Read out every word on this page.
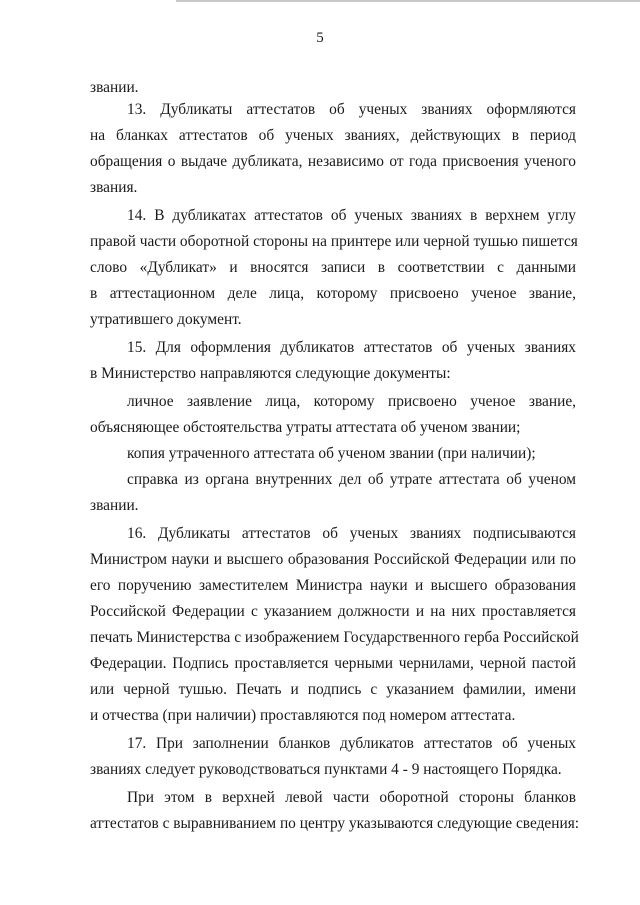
5
звании.
13. Дубликаты аттестатов об ученых званиях оформляются
на бланках аттестатов об ученых званиях, действующих в период
обращения о выдаче дубликата, независимо от года присвоения ученого
звания.
14. В дубликатах аттестатов об ученых званиях в верхнем углу
правой части оборотной стороны на принтере или черной тушью пишется
слово «Дубликат» и вносятся записи в соответствии с данными
в аттестационном деле лица, которому присвоено ученое звание,
утратившего документ.
15. Для оформления дубликатов аттестатов об ученых званиях
в Министерство направляются следующие документы:
личное заявление лица, которому присвоено ученое звание,
объясняющее обстоятельства утраты аттестата об ученом звании;
копия утраченного аттестата об ученом звании (при наличии);
справка из органа внутренних дел об утрате аттестата об ученом
звании.
16. Дубликаты аттестатов об ученых званиях подписываются
Министром науки и высшего образования Российской Федерации или по
его поручению заместителем Министра науки и высшего образования
Российской Федерации с указанием должности и на них проставляется
печать Министерства с изображением Государственного герба Российской
Федерации. Подпись проставляется черными чернилами, черной пастой
или черной тушью. Печать и подпись с указанием фамилии, имени
и отчества (при наличии) проставляются под номером аттестата.
17. При заполнении бланков дубликатов аттестатов об ученых
званиях следует руководствоваться пунктами 4 - 9 настоящего Порядка.
При этом в верхней левой части оборотной стороны бланков
аттестатов с выравниванием по центру указываются следующие сведения:
